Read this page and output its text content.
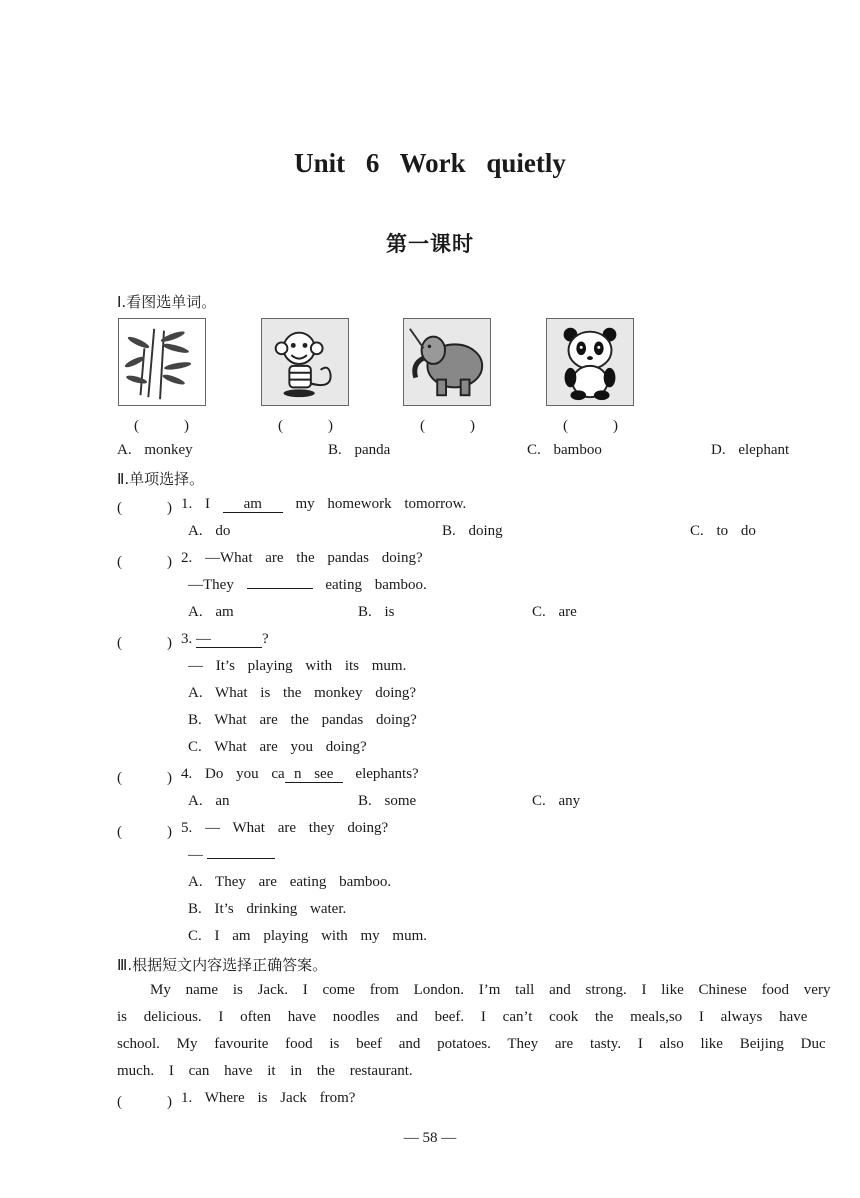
Unit 6 Work quietly
第一课时
Ⅰ.看图选单词。
(　　　)	(　　　)	(　　　)	(　　　)
A. monkey	B. panda	C. bamboo	D. elephant
Ⅱ.单项选择。
(　　　) 1. I am my homework tomorrow.
A. do	B. doing	C. to do
(　　　) 2. —What are the pandas doing?
—They	eating bamboo.
A. am	B. is	C. are
(　　　) 3. —	?
— It’s playing with its mum.
A. What is the monkey doing?
B. What are the pandas doing?
C. What are you doing?
(　　　) 4. Do you ca n see elephants?
A. an	B. some	C. any
(　　　) 5. — What are they doing?
—
A. They are eating bamboo.
B. It’s drinking water.
C. I am playing with my mum.
Ⅲ.根据短文内容选择正确答案。
My name is Jack. I come from London. I’m tall and strong. I like Chinese food very
is delicious. I often have noodles and beef. I can’t cook the meals,so I always have
school. My favourite food is beef and potatoes. They are tasty. I also like Beijing Duc
much. I can have it in the restaurant.
(　　　) 1. Where is Jack from?
— 58 —
